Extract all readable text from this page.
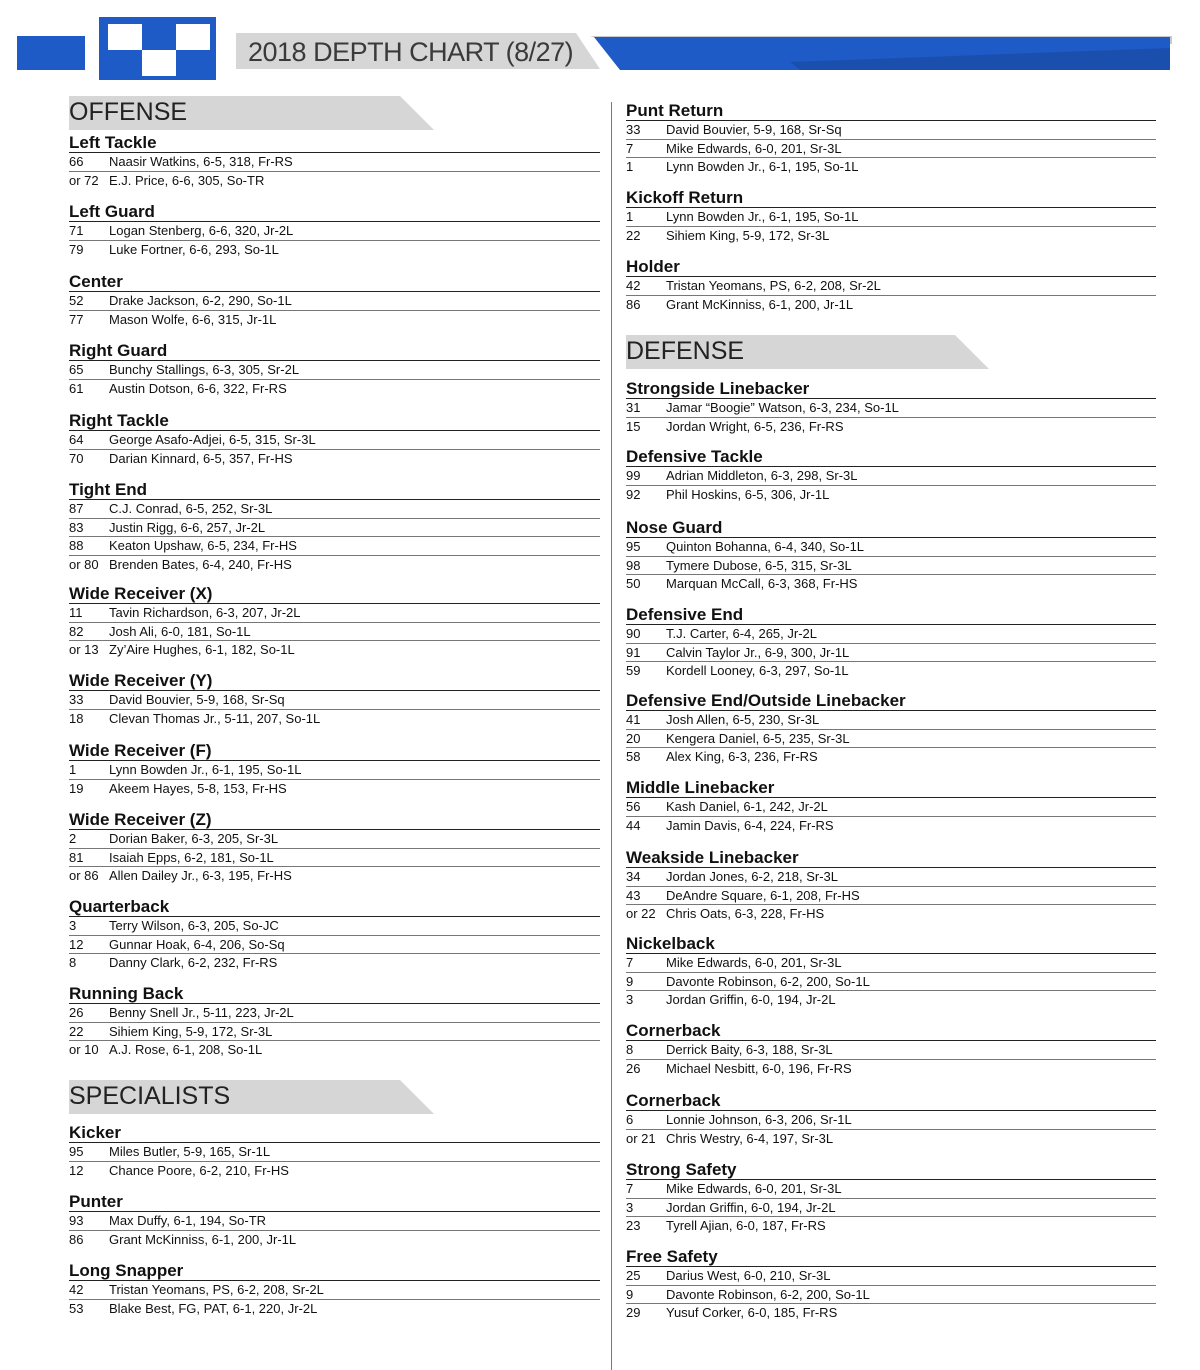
2018 DEPTH CHART (8/27)
OFFENSE
Left Tackle
66 Naasir Watkins, 6-5, 318, Fr-RS
or 72 E.J. Price, 6-6, 305, So-TR
Left Guard
71 Logan Stenberg, 6-6, 320, Jr-2L
79 Luke Fortner, 6-6, 293, So-1L
Center
52 Drake Jackson, 6-2, 290, So-1L
77 Mason Wolfe, 6-6, 315, Jr-1L
Right Guard
65 Bunchy Stallings, 6-3, 305, Sr-2L
61 Austin Dotson, 6-6, 322, Fr-RS
Right Tackle
64 George Asafo-Adjei, 6-5, 315, Sr-3L
70 Darian Kinnard, 6-5, 357, Fr-HS
Tight End
87 C.J. Conrad, 6-5, 252, Sr-3L
83 Justin Rigg, 6-6, 257, Jr-2L
88 Keaton Upshaw, 6-5, 234, Fr-HS
or 80 Brenden Bates, 6-4, 240, Fr-HS
Wide Receiver (X)
11 Tavin Richardson, 6-3, 207, Jr-2L
82 Josh Ali, 6-0, 181, So-1L
or 13 Zy’Aire Hughes, 6-1, 182, So-1L
Wide Receiver (Y)
33 David Bouvier, 5-9, 168, Sr-Sq
18 Clevan Thomas Jr., 5-11, 207, So-1L
Wide Receiver (F)
1	Lynn Bowden Jr., 6-1, 195, So-1L
19 Akeem Hayes, 5-8, 153, Fr-HS
Wide Receiver (Z)
2	Dorian Baker, 6-3, 205, Sr-3L
81 Isaiah Epps, 6-2, 181, So-1L
or 86 Allen Dailey Jr., 6-3, 195, Fr-HS
Quarterback
3	Terry Wilson, 6-3, 205, So-JC
12 Gunnar Hoak, 6-4, 206, So-Sq
8	Danny Clark, 6-2, 232, Fr-RS
Running Back
26 Benny Snell Jr., 5-11, 223, Jr-2L
22 Sihiem King, 5-9, 172, Sr-3L
or 10 A.J. Rose, 6-1, 208, So-1L
SPECIALISTS
Kicker
95 Miles Butler, 5-9, 165, Sr-1L
12 Chance Poore, 6-2, 210, Fr-HS
Punter
93 Max Duffy, 6-1, 194, So-TR
86 Grant McKinniss, 6-1, 200, Jr-1L
Long Snapper
42 Tristan Yeomans, PS, 6-2, 208, Sr-2L
53 Blake Best, FG, PAT, 6-1, 220, Jr-2L
Punt Return
33 David Bouvier, 5-9, 168, Sr-Sq
7	Mike Edwards, 6-0, 201, Sr-3L
1	Lynn Bowden Jr., 6-1, 195, So-1L
Kickoff Return
1	Lynn Bowden Jr., 6-1, 195, So-1L
22 Sihiem King, 5-9, 172, Sr-3L
Holder
42 Tristan Yeomans, PS, 6-2, 208, Sr-2L
86 Grant McKinniss, 6-1, 200, Jr-1L
DEFENSE
Strongside Linebacker
31 Jamar “Boogie” Watson, 6-3, 234, So-1L
15 Jordan Wright, 6-5, 236, Fr-RS
Defensive Tackle
99 Adrian Middleton, 6-3, 298, Sr-3L
92 Phil Hoskins, 6-5, 306, Jr-1L
Nose Guard
95 Quinton Bohanna, 6-4, 340, So-1L
98 Tymere Dubose, 6-5, 315, Sr-3L
50 Marquan McCall, 6-3, 368, Fr-HS
Defensive End
90 T.J. Carter, 6-4, 265, Jr-2L
91 Calvin Taylor Jr., 6-9, 300, Jr-1L
59 Kordell Looney, 6-3, 297, So-1L
Defensive End/Outside Linebacker
41 Josh Allen, 6-5, 230, Sr-3L
20 Kengera Daniel, 6-5, 235, Sr-3L
58 Alex King, 6-3, 236, Fr-RS
Middle Linebacker
56 Kash Daniel, 6-1, 242, Jr-2L
44 Jamin Davis, 6-4, 224, Fr-RS
Weakside Linebacker
34 Jordan Jones, 6-2, 218, Sr-3L
43 DeAndre Square, 6-1, 208, Fr-HS
or 22 Chris Oats, 6-3, 228, Fr-HS
Nickelback
7	Mike Edwards, 6-0, 201, Sr-3L
9	Davonte Robinson, 6-2, 200, So-1L
3	Jordan Griffin, 6-0, 194, Jr-2L
Cornerback
8	Derrick Baity, 6-3, 188, Sr-3L
26 Michael Nesbitt, 6-0, 196, Fr-RS
Cornerback
6	Lonnie Johnson, 6-3, 206, Sr-1L
or 21 Chris Westry, 6-4, 197, Sr-3L
Strong Safety
7	Mike Edwards, 6-0, 201, Sr-3L
3	Jordan Griffin, 6-0, 194, Jr-2L
23 Tyrell Ajian, 6-0, 187, Fr-RS
Free Safety
25 Darius West, 6-0, 210, Sr-3L
9	Davonte Robinson, 6-2, 200, So-1L
29 Yusuf Corker, 6-0, 185, Fr-RS
